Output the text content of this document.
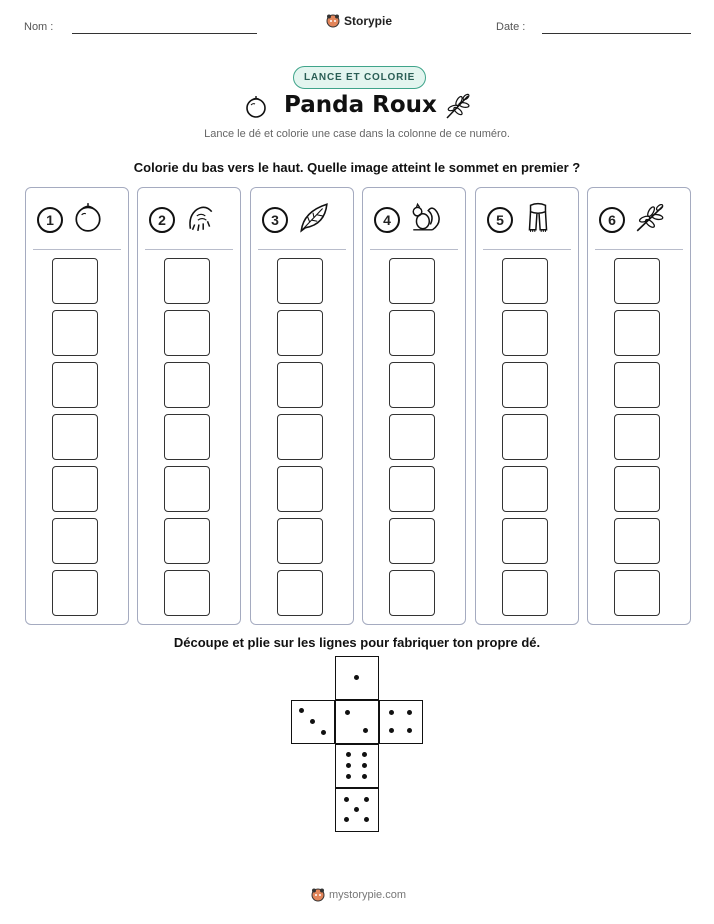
Nom :	Storypie	Date :
LANCE ET COLORIE
Panda Roux
Lance le dé et colorie une case dans la colonne de ce numéro.
Colorie du bas vers le haut. Quelle image atteint le sommet en premier ?
1	2	3	4	5	6
Découpe et plie sur les lignes pour fabriquer ton propre dé.
mystorypie.com
